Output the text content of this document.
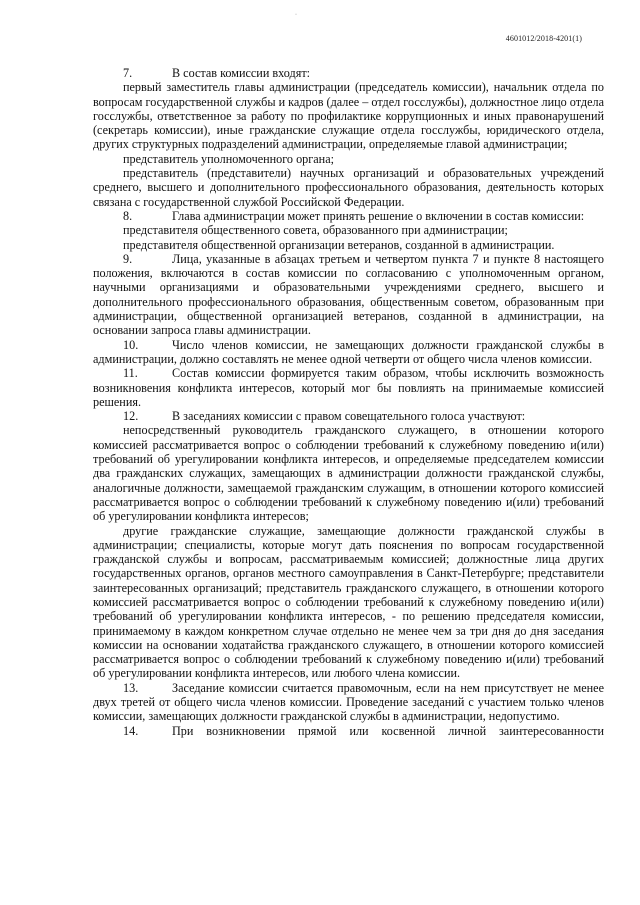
·
4601012/2018-4201(1)

7.	В состав комиссии входят:

первый заместитель главы администрации (председатель комиссии), начальник отдела по вопросам государственной службы и кадров (далее – отдел госслужбы), должностное лицо отдела госслужбы, ответственное за работу по профилактике коррупционных и иных правонарушений (секретарь комиссии), иные гражданские служащие отдела госслужбы, юридического отдела, других структурных подразделений администрации, определяемые главой администрации;

представитель уполномоченного органа;

представитель (представители) научных организаций и образовательных учреждений среднего, высшего и дополнительного профессионального образования, деятельность которых связана с государственной службой Российской Федерации.

8.	Глава администрации может принять решение о включении в состав комиссии:

представителя общественного совета, образованного при администрации;

представителя общественной организации ветеранов, созданной в администрации.

9.	Лица, указанные в абзацах третьем и четвертом пункта 7 и пункте 8 настоящего положения, включаются в состав комиссии по согласованию с уполномоченным органом, научными организациями и образовательными учреждениями среднего, высшего и дополнительного профессионального образования, общественным советом, образованным при администрации, общественной организацией ветеранов, созданной в администрации, на основании запроса главы администрации.

10.	Число членов комиссии, не замещающих должности гражданской службы в администрации, должно составлять не менее одной четверти от общего числа членов комиссии.

11.	Состав комиссии формируется таким образом, чтобы исключить возможность возникновения конфликта интересов, который мог бы повлиять на принимаемые комиссией решения.

12.	В заседаниях комиссии с правом совещательного голоса участвуют:

непосредственный руководитель гражданского служащего, в отношении которого комиссией рассматривается вопрос о соблюдении требований к служебному поведению и(или) требований об урегулировании конфликта интересов, и определяемые председателем комиссии два гражданских служащих, замещающих в администрации должности гражданской службы, аналогичные должности, замещаемой гражданским служащим, в отношении которого комиссией рассматривается вопрос о соблюдении требований к служебному поведению и(или) требований об урегулировании конфликта интересов;

другие гражданские служащие, замещающие должности гражданской службы в администрации; специалисты, которые могут дать пояснения по вопросам государственной гражданской службы и вопросам, рассматриваемым комиссией; должностные лица других государственных органов, органов местного самоуправления в Санкт-Петербурге; представители заинтересованных организаций; представитель гражданского служащего, в отношении которого комиссией рассматривается вопрос о соблюдении требований к служебному поведению и(или) требований об урегулировании конфликта интересов, - по решению председателя комиссии, принимаемому в каждом конкретном случае отдельно не менее чем за три дня до дня заседания комиссии на основании ходатайства гражданского служащего, в отношении которого комиссией рассматривается вопрос о соблюдении требований к служебному поведению и(или) требований об урегулировании конфликта интересов, или любого члена комиссии.

13.	Заседание комиссии считается правомочным, если на нем присутствует не менее двух третей от общего числа членов комиссии. Проведение заседаний с участием только членов комиссии, замещающих должности гражданской службы в администрации, недопустимо.

14.	При возникновении прямой или косвенной личной заинтересованности
